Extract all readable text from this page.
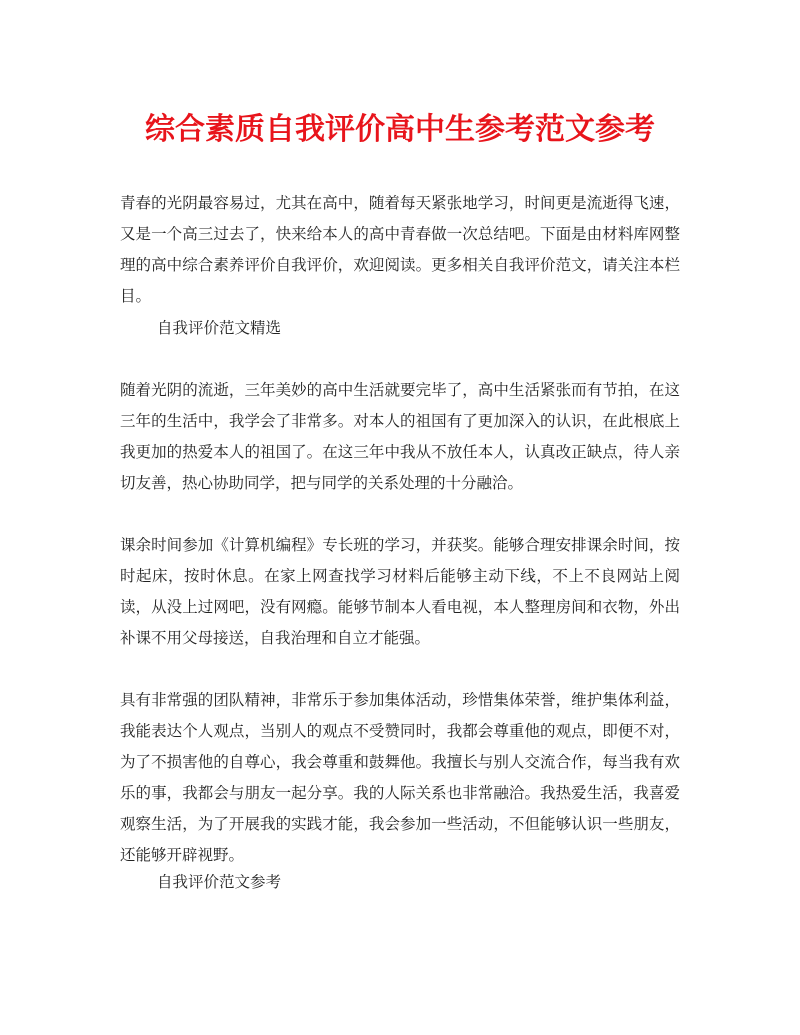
综合素质自我评价高中生参考范文参考

青春的光阴最容易过，尤其在高中，随着每天紧张地学习，时间更是流逝得飞速，又是一个高三过去了，快来给本人的高中青春做一次总结吧。下面是由材料库网整理的高中综合素养评价自我评价，欢迎阅读。更多相关自我评价范文，请关注本栏目。

自我评价范文精选

随着光阴的流逝，三年美妙的高中生活就要完毕了，高中生活紧张而有节拍，在这三年的生活中，我学会了非常多。对本人的祖国有了更加深入的认识，在此根底上我更加的热爱本人的祖国了。在这三年中我从不放任本人，认真改正缺点，待人亲切友善，热心协助同学，把与同学的关系处理的十分融洽。

课余时间参加《计算机编程》专长班的学习，并获奖。能够合理安排课余时间，按时起床，按时休息。在家上网查找学习材料后能够主动下线，不上不良网站上阅读，从没上过网吧，没有网瘾。能够节制本人看电视，本人整理房间和衣物，外出补课不用父母接送，自我治理和自立才能强。

具有非常强的团队精神，非常乐于参加集体活动，珍惜集体荣誉，维护集体利益，我能表达个人观点，当别人的观点不受赞同时，我都会尊重他的观点，即便不对，为了不损害他的自尊心，我会尊重和鼓舞他。我擅长与别人交流合作，每当我有欢乐的事，我都会与朋友一起分享。我的人际关系也非常融洽。我热爱生活，我喜爱观察生活，为了开展我的实践才能，我会参加一些活动，不但能够认识一些朋友，还能够开辟视野。

自我评价范文参考
